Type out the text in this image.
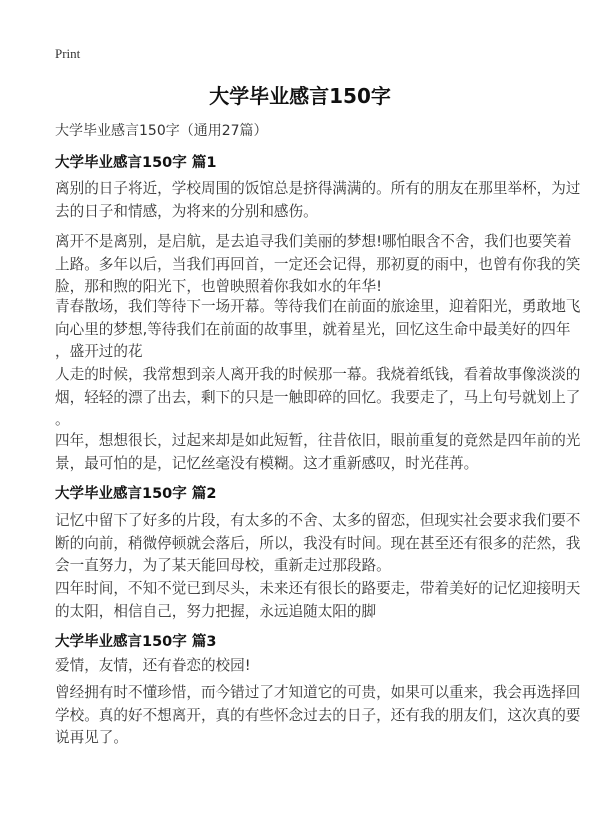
Print
大学毕业感言150字
大学毕业感言150字（通用27篇）
大学毕业感言150字 篇1
离别的日子将近，学校周围的饭馆总是挤得满满的。所有的朋友在那里举杯，为过
去的日子和情感，为将来的分别和感伤。
离开不是离别，是启航，是去追寻我们美丽的梦想!哪怕眼含不舍，我们也要笑着
上路。多年以后，当我们再回首，一定还会记得，那初夏的雨中，也曾有你我的笑
脸，那和煦的阳光下，也曾映照着你我如水的年华!
青春散场，我们等待下一场开幕。等待我们在前面的旅途里，迎着阳光，勇敢地飞
向心里的梦想,等待我们在前面的故事里，就着星光，回忆这生命中最美好的四年
，盛开过的花
人走的时候，我常想到亲人离开我的时候那一幕。我烧着纸钱，看着故事像淡淡的
烟，轻轻的漂了出去，剩下的只是一触即碎的回忆。我要走了，马上句号就划上了
。
四年，想想很长，过起来却是如此短暂，往昔依旧，眼前重复的竟然是四年前的光
景，最可怕的是，记忆丝毫没有模糊。这才重新感叹，时光荏苒。
大学毕业感言150字 篇2
记忆中留下了好多的片段，有太多的不舍、太多的留恋，但现实社会要求我们要不
断的向前，稍微停顿就会落后，所以，我没有时间。现在甚至还有很多的茫然，我
会一直努力，为了某天能回母校，重新走过那段路。
四年时间，不知不觉已到尽头，未来还有很长的路要走，带着美好的记忆迎接明天
的太阳，相信自己，努力把握，永远追随太阳的脚
大学毕业感言150字 篇3
爱情，友情，还有眷恋的校园!
曾经拥有时不懂珍惜，而今错过了才知道它的可贵，如果可以重来，我会再选择回
学校。真的好不想离开，真的有些怀念过去的日子，还有我的朋友们，这次真的要
说再见了。
